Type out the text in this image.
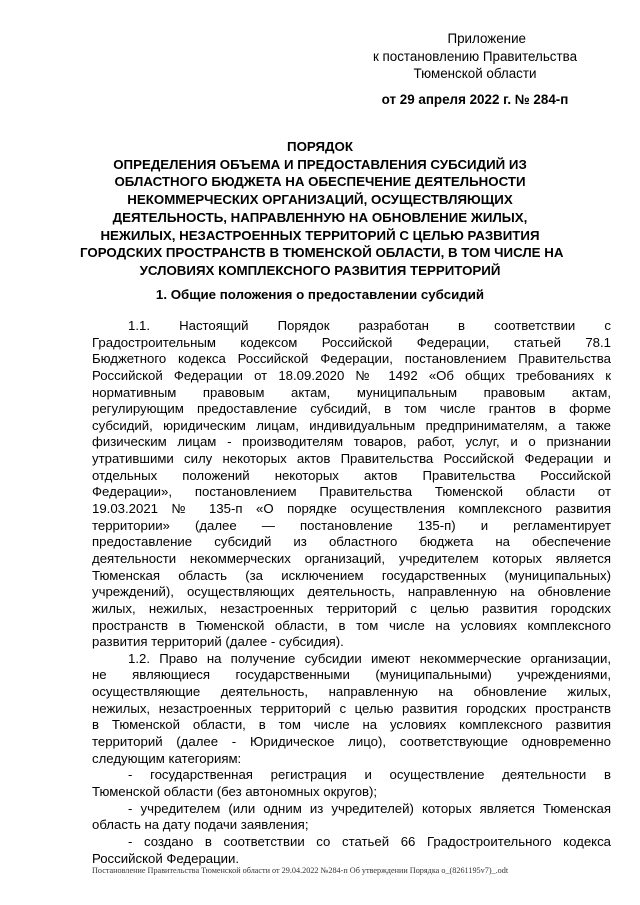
Приложение
к постановлению Правительства
Тюменской области
от 29 апреля 2022 г. № 284-п
ПОРЯДОК
ОПРЕДЕЛЕНИЯ ОБЪЕМА И ПРЕДОСТАВЛЕНИЯ СУБСИДИЙ ИЗ
ОБЛАСТНОГО БЮДЖЕТА НА ОБЕСПЕЧЕНИЕ ДЕЯТЕЛЬНОСТИ
НЕКОММЕРЧЕСКИХ ОРГАНИЗАЦИЙ, ОСУЩЕСТВЛЯЮЩИХ
ДЕЯТЕЛЬНОСТЬ, НАПРАВЛЕННУЮ НА ОБНОВЛЕНИЕ ЖИЛЫХ,
НЕЖИЛЫХ, НЕЗАСТРОЕННЫХ ТЕРРИТОРИЙ С ЦЕЛЬЮ РАЗВИТИЯ
ГОРОДСКИХ ПРОСТРАНСТВ В ТЮМЕНСКОЙ ОБЛАСТИ, В ТОМ ЧИСЛЕ НА
УСЛОВИЯХ КОМПЛЕКСНОГО РАЗВИТИЯ ТЕРРИТОРИЙ
1. Общие положения о предоставлении субсидий
1.1. Настоящий Порядок разработан в соответствии с
Градостроительным кодексом Российской Федерации, статьей 78.1
Бюджетного кодекса Российской Федерации, постановлением Правительства
Российской Федерации от 18.09.2020 № 1492 «Об общих требованиях к
нормативным правовым актам, муниципальным правовым актам,
регулирующим предоставление субсидий, в том числе грантов в форме
субсидий, юридическим лицам, индивидуальным предпринимателям, а также
физическим лицам - производителям товаров, работ, услуг, и о признании
утратившими силу некоторых актов Правительства Российской Федерации и
отдельных положений некоторых актов Правительства Российской
Федерации», постановлением Правительства Тюменской области от
19.03.2021 № 135-п «О порядке осуществления комплексного развития
территории» (далее — постановление 135-п) и регламентирует
предоставление субсидий из областного бюджета на обеспечение
деятельности некоммерческих организаций, учредителем которых является
Тюменская область (за исключением государственных (муниципальных)
учреждений), осуществляющих деятельность, направленную на обновление
жилых, нежилых, незастроенных территорий с целью развития городских
пространств в Тюменской области, в том числе на условиях комплексного
развития территорий (далее - субсидия).
1.2. Право на получение субсидии имеют некоммерческие организации,
не являющиеся государственными (муниципальными) учреждениями,
осуществляющие деятельность, направленную на обновление жилых,
нежилых, незастроенных территорий с целью развития городских пространств
в Тюменской области, в том числе на условиях комплексного развития
территорий (далее - Юридическое лицо), соответствующие одновременно
следующим категориям:
- государственная регистрация и осуществление деятельности в
Тюменской области (без автономных округов);
- учредителем (или одним из учредителей) которых является Тюменская
область на дату подачи заявления;
- создано в соответствии со статьей 66 Градостроительного кодекса
Российской Федерации.
Постановление Правительства Тюменской области от 29.04.2022 №284-п Об утверждении Порядка о_(8261195v7)_.odt
